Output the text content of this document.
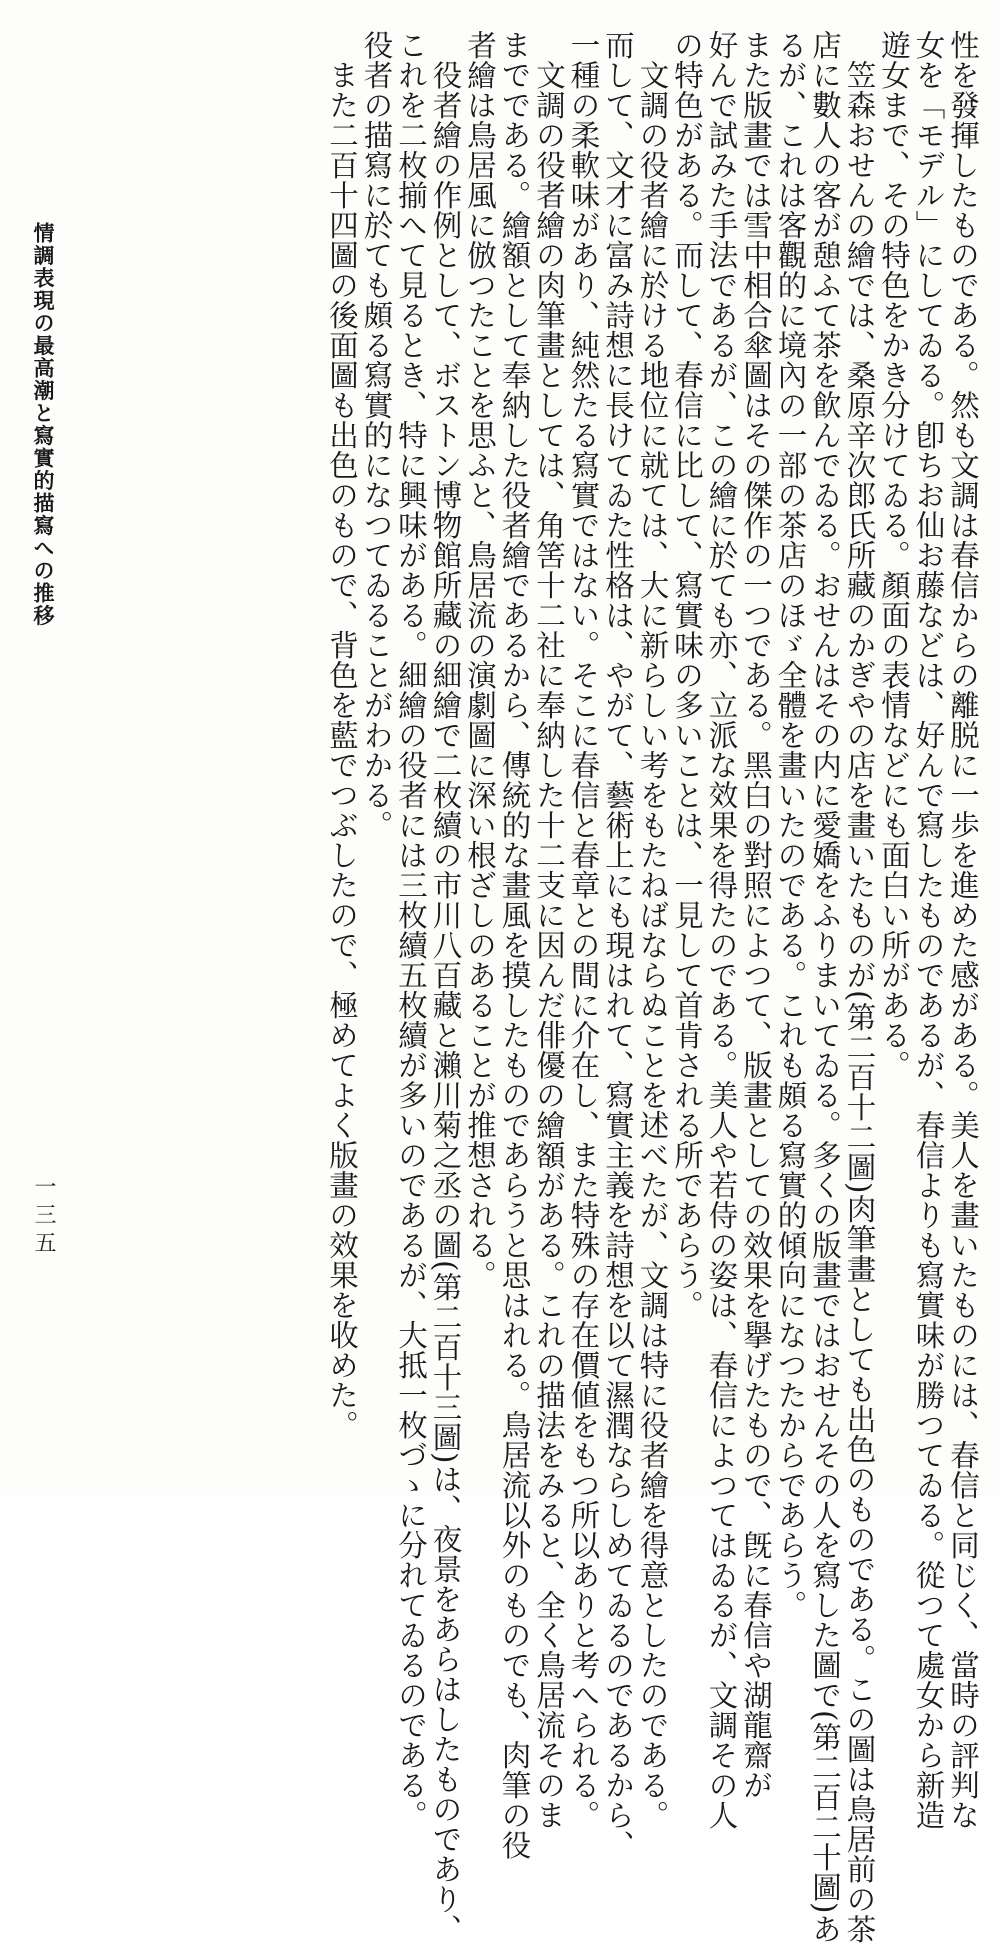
性を發揮したものである。然も文調は春信からの離脱に一歩を進めた感がある。美人を畫いたものには、春信と同じく、當時の評判な
女を「モデル」にしてゐる。卽ちお仙お藤などは、好んで寫したものであるが、春信よりも寫實味が勝つてゐる。從つて處女から新造
遊女まで、その特色をかき分けてゐる。顏面の表情などにも面白い所がある。
　笠森おせんの繪では、桑原辛次郎氏所藏のかぎやの店を畫いたものが(第二百十二圖)肉筆畫としても出色のものである。この圖は鳥居前の茶
店に數人の客が憩ふて茶を飮んでゐる。おせんはその内に愛嬌をふりまいてゐる。多くの版畫ではおせんその人を寫した圖で(第二百二十圖)あ
るが、これは客觀的に境內の一部の茶店のほゞ全體を畫いたのである。これも頗る寫實的傾向になつたからであらう。
また版畫では雪中相合傘圖はその傑作の一つである。黑白の對照によつて、版畫としての效果を擧げたもので、旣に春信や湖龍齋が
好んで試みた手法であるが、この繪に於ても亦、立派な效果を得たのである。美人や若侍の姿は、春信によつてはゐるが、文調その人
の特色がある。而して、春信に比して、寫實味の多いことは、一見して首肯される所であらう。
　文調の役者繪に於ける地位に就ては、大に新らしい考をもたねばならぬことを述べたが、文調は特に役者繪を得意としたのである。
而して、文才に富み詩想に長けてゐた性格は、やがて、藝術上にも現はれて、寫實主義を詩想を以て濕潤ならしめてゐるのであるから、
一種の柔軟味があり、純然たる寫實ではない。そこに春信と春章との間に介在し、また特殊の存在價値をもつ所以ありと考へられる。
　文調の役者繪の肉筆畫としては、角筈十二社に奉納した十二支に因んだ俳優の繪額がある。これの描法をみると、全く鳥居流そのま
までである。繪額として奉納した役者繪であるから、傳統的な畫風を摸したものであらうと思はれる。鳥居流以外のものでも、肉筆の役
者繪は鳥居風に倣つたことを思ふと、鳥居流の演劇圖に深い根ざしのあることが推想される。
　役者繪の作例として、ボストン博物館所藏の細繪で二枚續の市川八百藏と瀨川菊之丞の圖(第二百十三圖)は、夜景をあらはしたものであり、
これを二枚揃へて見るとき、特に興味がある。細繪の役者には三枚續五枚續が多いのであるが、大抵一枚づゝに分れてゐるのである。
役者の描寫に於ても頗る寫實的になつてゐることがわかる。
　また二百十四圖の後面圖も出色のもので、背色を藍でつぶしたので、極めてよく版畫の效果を收めた。
情調表現の最高潮と寫實的描寫への推移
一三五
